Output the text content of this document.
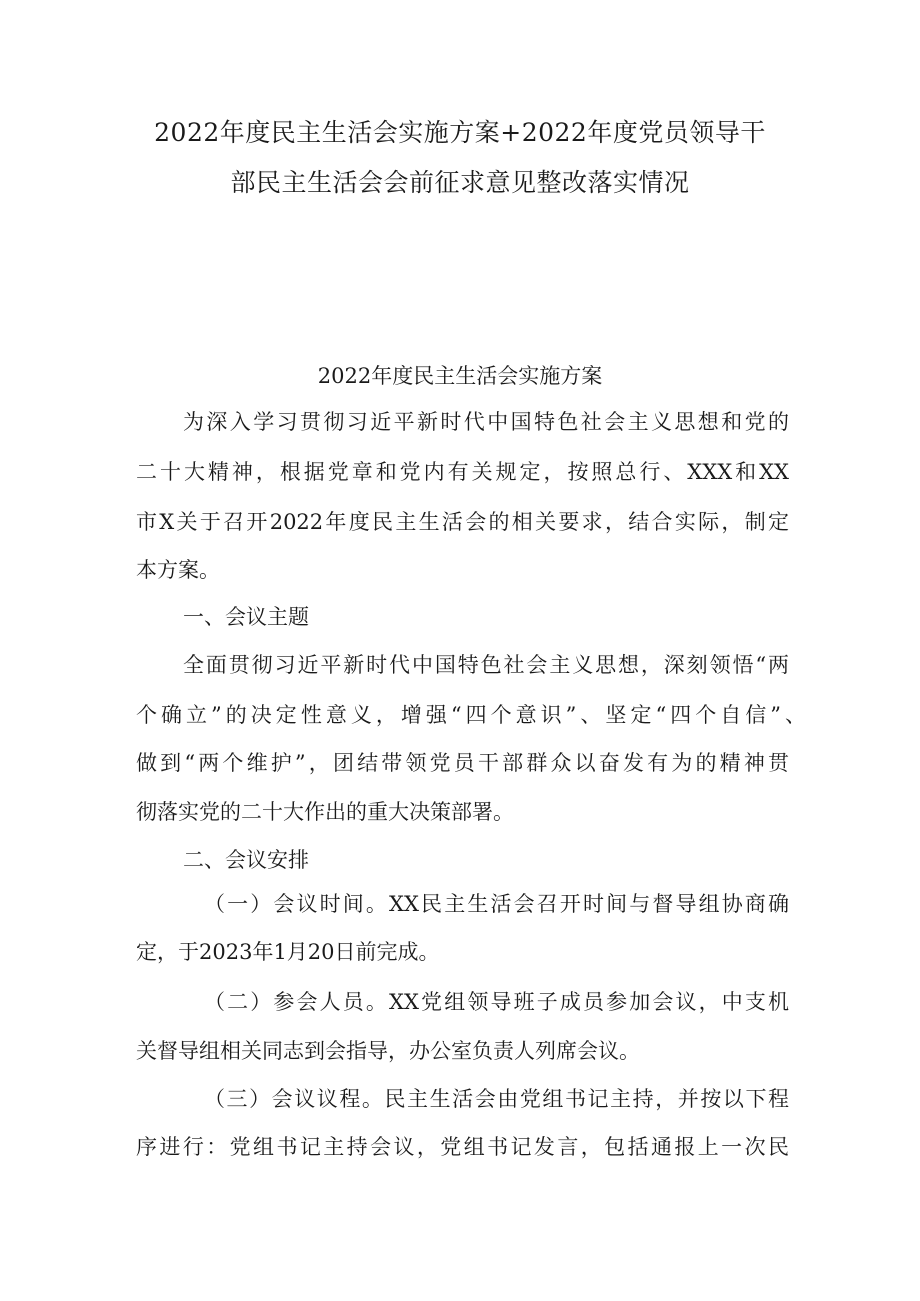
2022年度民主生活会实施方案+2022年度党员领导干
部民主生活会会前征求意见整改落实情况
2022年度民主生活会实施方案

为深入学习贯彻习近平新时代中国特色社会主义思想和党的

二十大精神，根据党章和党内有关规定，按照总行、XXX和XX

市X关于召开2022年度民主生活会的相关要求，结合实际，制定

本方案。

一、会议主题

全面贯彻习近平新时代中国特色社会主义思想，深刻领悟“两

个确立”的决定性意义，增强“四个意识”、坚定“四个自信”、

做到“两个维护”，团结带领党员干部群众以奋发有为的精神贯

彻落实党的二十大作出的重大决策部署。

二、会议安排

（一）会议时间。XX民主生活会召开时间与督导组协商确

定，于2023年1月20日前完成。

（二）参会人员。XX党组领导班子成员参加会议，中支机

关督导组相关同志到会指导，办公室负责人列席会议。

（三）会议议程。民主生活会由党组书记主持，并按以下程

序进行：党组书记主持会议，党组书记发言，包括通报上一次民
